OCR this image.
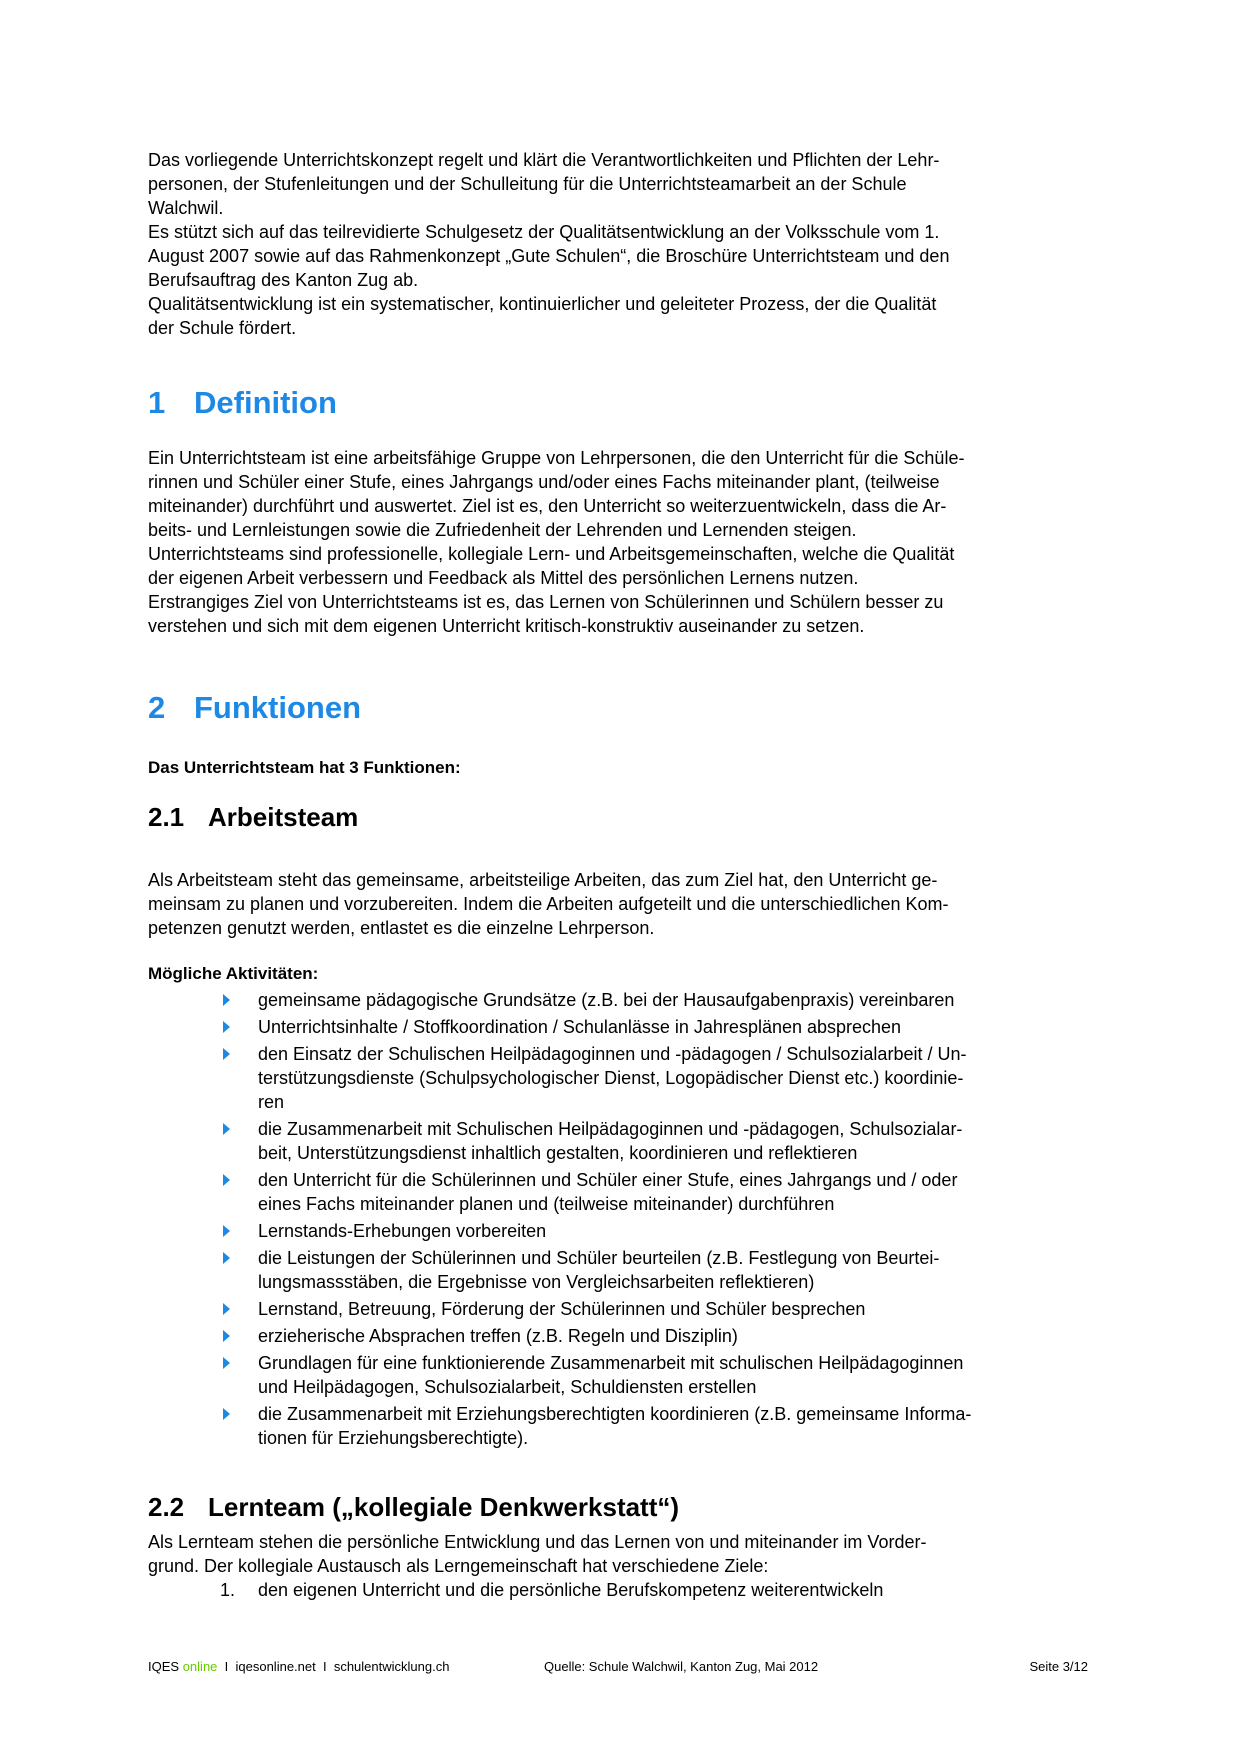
Das vorliegende Unterrichtskonzept regelt und klärt die Verantwortlichkeiten und Pflichten der Lehr-
personen, der Stufenleitungen und der Schulleitung für die Unterrichtsteamarbeit an der Schule
Walchwil.
Es stützt sich auf das teilrevidierte Schulgesetz der Qualitätsentwicklung an der Volksschule vom 1.
August 2007 sowie auf das Rahmenkonzept „Gute Schulen“, die Broschüre Unterrichtsteam und den
Berufsauftrag des Kanton Zug ab.
Qualitätsentwicklung ist ein systematischer, kontinuierlicher und geleiteter Prozess, der die Qualität
der Schule fördert.
1 Definition
Ein Unterrichtsteam ist eine arbeitsfähige Gruppe von Lehrpersonen, die den Unterricht für die Schüle-
rinnen und Schüler einer Stufe, eines Jahrgangs und/oder eines Fachs miteinander plant, (teilweise
miteinander) durchführt und auswertet. Ziel ist es, den Unterricht so weiterzuentwickeln, dass die Ar-
beits- und Lernleistungen sowie die Zufriedenheit der Lehrenden und Lernenden steigen.
Unterrichtsteams sind professionelle, kollegiale Lern- und Arbeitsgemeinschaften, welche die Qualität
der eigenen Arbeit verbessern und Feedback als Mittel des persönlichen Lernens nutzen.
Erstrangiges Ziel von Unterrichtsteams ist es, das Lernen von Schülerinnen und Schülern besser zu
verstehen und sich mit dem eigenen Unterricht kritisch-konstruktiv auseinander zu setzen.
2 Funktionen
Das Unterrichtsteam hat 3 Funktionen:
2.1 Arbeitsteam
Als Arbeitsteam steht das gemeinsame, arbeitsteilige Arbeiten, das zum Ziel hat, den Unterricht ge-
meinsam zu planen und vorzubereiten. Indem die Arbeiten aufgeteilt und die unterschiedlichen Kom-
petenzen genutzt werden, entlastet es die einzelne Lehrperson.
Mögliche Aktivitäten:
gemeinsame pädagogische Grundsätze (z.B. bei der Hausaufgabenpraxis) vereinbaren
Unterrichtsinhalte / Stoffkoordination / Schulanlässe in Jahresplänen absprechen
den Einsatz der Schulischen Heilpädagoginnen und -pädagogen / Schulsozialarbeit / Un-
terstützungsdienste (Schulpsychologischer Dienst, Logopädischer Dienst etc.) koordinie-
ren
die Zusammenarbeit mit Schulischen Heilpädagoginnen und -pädagogen, Schulsozialar-
beit, Unterstützungsdienst inhaltlich gestalten, koordinieren und reflektieren
den Unterricht für die Schülerinnen und Schüler einer Stufe, eines Jahrgangs und / oder
eines Fachs miteinander planen und (teilweise miteinander) durchführen
Lernstands-Erhebungen vorbereiten
die Leistungen der Schülerinnen und Schüler beurteilen (z.B. Festlegung von Beurtei-
lungsmassstäben, die Ergebnisse von Vergleichsarbeiten reflektieren)
Lernstand, Betreuung, Förderung der Schülerinnen und Schüler besprechen
erzieherische Absprachen treffen (z.B. Regeln und Disziplin)
Grundlagen für eine funktionierende Zusammenarbeit mit schulischen Heilpädagoginnen
und Heilpädagogen, Schulsozialarbeit, Schuldiensten erstellen
die Zusammenarbeit mit Erziehungsberechtigten koordinieren (z.B. gemeinsame Informa-
tionen für Erziehungsberechtigte).
2.2 Lernteam („kollegiale Denkwerkstatt“)
Als Lernteam stehen die persönliche Entwicklung und das Lernen von und miteinander im Vorder-
grund. Der kollegiale Austausch als Lerngemeinschaft hat verschiedene Ziele:
1. den eigenen Unterricht und die persönliche Berufskompetenz weiterentwickeln
IQES online I iqesonline.net I schulentwicklung.ch	Quelle: Schule Walchwil, Kanton Zug, Mai 2012	Seite 3/12
